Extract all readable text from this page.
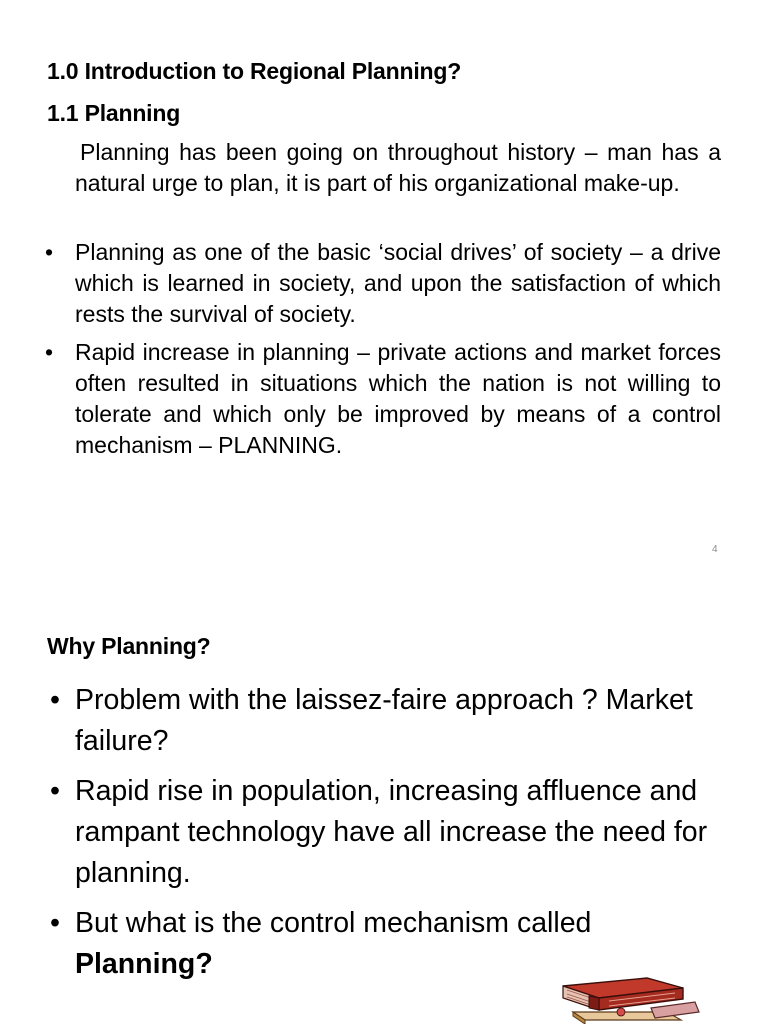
1.0 Introduction to Regional Planning?
1.1 Planning
Planning has been going on throughout history – man has a natural urge to plan, it is part of his organizational make-up.
• Planning as one of the basic ‘social drives’ of society – a drive which is learned in society, and upon the satisfaction of which rests the survival of society.
• Rapid increase in planning – private actions and market forces often resulted in situations which the nation is not willing to tolerate and which only be improved by means of a control mechanism – PLANNING.
4
Why Planning?
• Problem with the laissez-faire approach ? Market failure?
• Rapid rise in population, increasing affluence and rampant technology have all increase the need for planning.
• But what is the control mechanism called Planning?
